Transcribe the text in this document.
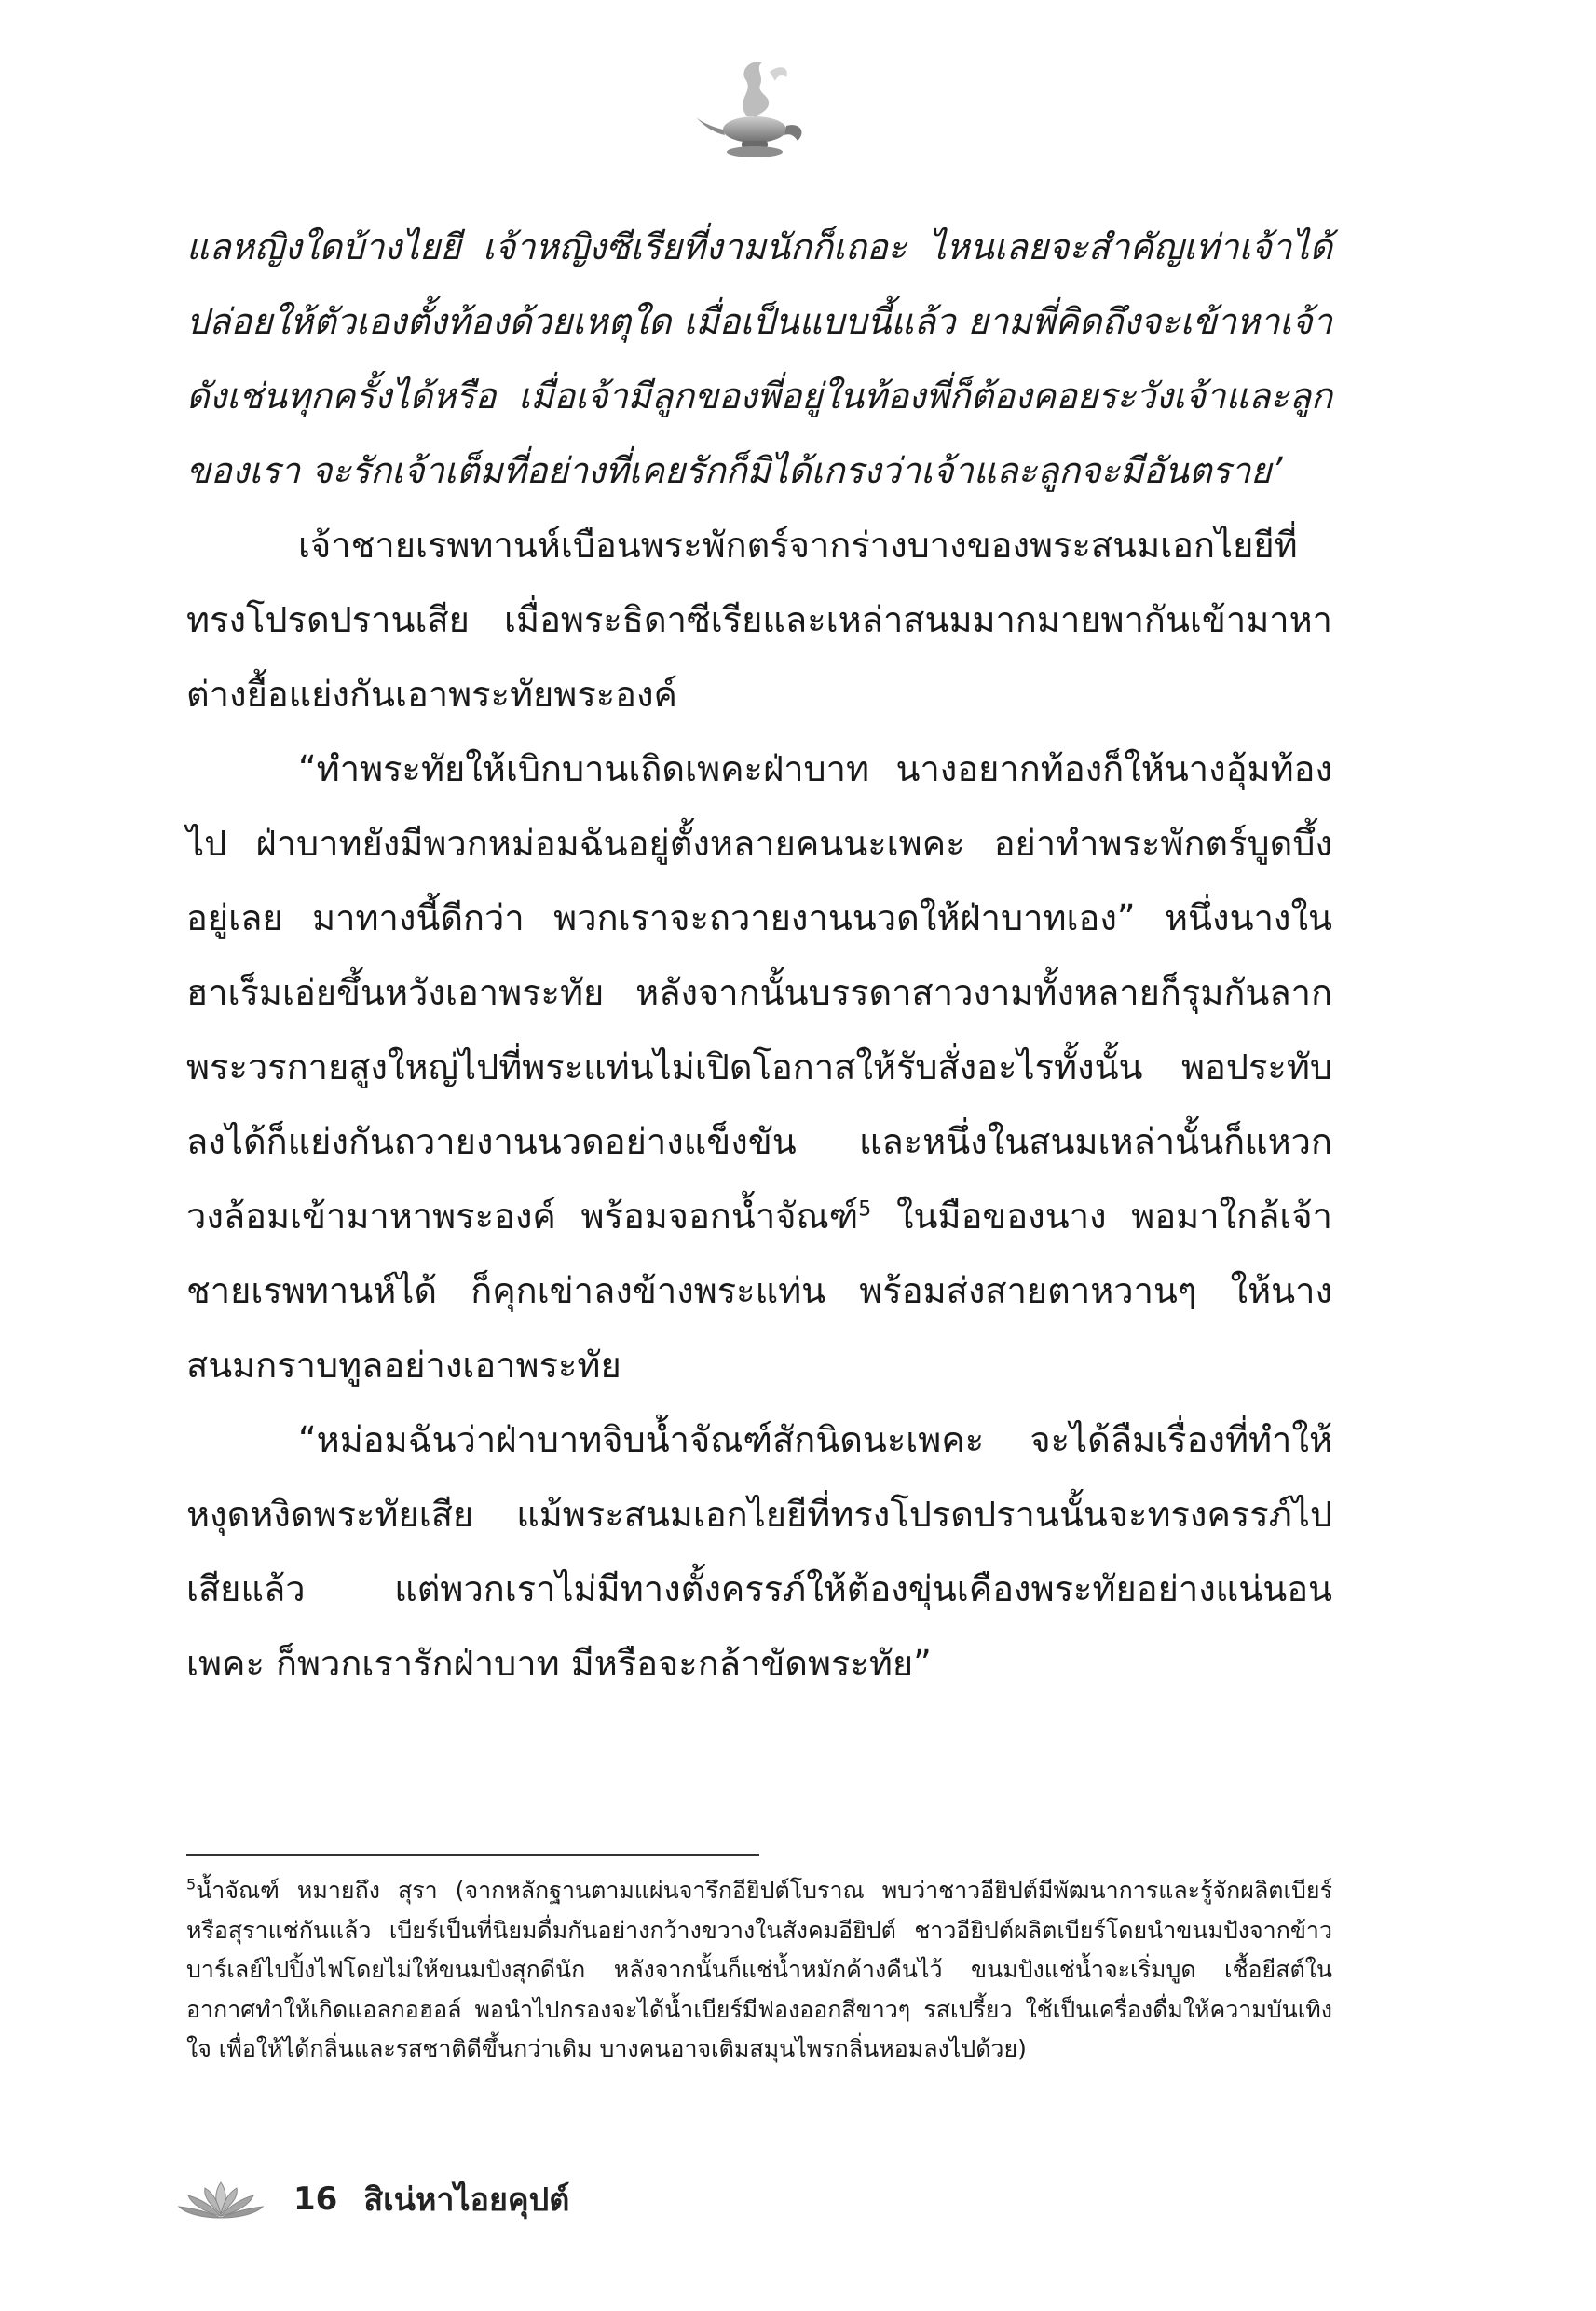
แลหญิงใดบ้างไยยี เจ้าหญิงซีเรียที่งามนักก็เถอะ ไหนเลยจะสำคัญเท่าเจ้าได้ ปล่อยให้ตัวเองตั้งท้องด้วยเหตุใด เมื่อเป็นแบบนี้แล้ว ยามพี่คิดถึงจะเข้าหาเจ้าดังเช่นทุกครั้งได้หรือ เมื่อเจ้ามีลูกของพี่อยู่ในท้องพี่ก็ต้องคอยระวังเจ้าและลูกของเรา จะรักเจ้าเต็มที่อย่างที่เคยรักก็มิได้เกรงว่าเจ้าและลูกจะมีอันตราย’

เจ้าชายเรพทานห์เบือนพระพักตร์จากร่างบางของพระสนมเอกไยยีที่ทรงโปรดปรานเสีย เมื่อพระธิดาซีเรียและเหล่าสนมมากมายพากันเข้ามาหา ต่างยื้อแย่งกันเอาพระทัยพระองค์

“ทำพระทัยให้เบิกบานเถิดเพคะฝ่าบาท นางอยากท้องก็ให้นางอุ้มท้องไป ฝ่าบาทยังมีพวกหม่อมฉันอยู่ตั้งหลายคนนะเพคะ อย่าทำพระพักตร์บูดบึ้งอยู่เลย มาทางนี้ดีกว่า พวกเราจะถวายงานนวดให้ฝ่าบาทเอง” หนึ่งนางในฮาเร็มเอ่ยขึ้นหวังเอาพระทัย หลังจากนั้นบรรดาสาวงามทั้งหลายก็รุมกันลากพระวรกายสูงใหญ่ไปที่พระแท่นไม่เปิดโอกาสให้รับสั่งอะไรทั้งนั้น พอประทับลงได้ก็แย่งกันถวายงานนวดอย่างแข็งขัน และหนึ่งในสนมเหล่านั้นก็แหวกวงล้อมเข้ามาหาพระองค์ พร้อมจอกน้ำจัณฑ์$^5$ ในมือของนาง พอมาใกล้เจ้าชายเรพทานห์ได้ ก็คุกเข่าลงข้างพระแท่น พร้อมส่งสายตาหวานๆ ให้นางสนมกราบทูลอย่างเอาพระทัย

“หม่อมฉันว่าฝ่าบาทจิบน้ำจัณฑ์สักนิดนะเพคะ จะได้ลืมเรื่องที่ทำให้หงุดหงิดพระทัยเสีย แม้พระสนมเอกไยยีที่ทรงโปรดปรานนั้นจะทรงครรภ์ไปเสียแล้ว แต่พวกเราไม่มีทางตั้งครรภ์ให้ต้องขุ่นเคืองพระทัยอย่างแน่นอนเพคะ ก็พวกเรารักฝ่าบาท มีหรือจะกล้าขัดพระทัย”

$^5$น้ำจัณฑ์ หมายถึง สุรา (จากหลักฐานตามแผ่นจารึกอียิปต์โบราณ พบว่าชาวอียิปต์มีพัฒนาการและรู้จักผลิตเบียร์หรือสุราแช่กันแล้ว เบียร์เป็นที่นิยมดื่มกันอย่างกว้างขวางในสังคมอียิปต์ ชาวอียิปต์ผลิตเบียร์โดยนำขนมปังจากข้าวบาร์เลย์ไปปิ้งไฟโดยไม่ให้ขนมปังสุกดีนัก หลังจากนั้นก็แช่น้ำหมักค้างคืนไว้ ขนมปังแช่น้ำจะเริ่มบูด เชื้อยีสต์ในอากาศทำให้เกิดแอลกอฮอล์ พอนำไปกรองจะได้น้ำเบียร์มีฟองออกสีขาวๆ รสเปรี้ยว ใช้เป็นเครื่องดื่มให้ความบันเทิงใจ เพื่อให้ได้กลิ่นและรสชาติดีขึ้นกว่าเดิม บางคนอาจเติมสมุนไพรกลิ่นหอมลงไปด้วย)
16 สิเน่หาไอยคุปต์
